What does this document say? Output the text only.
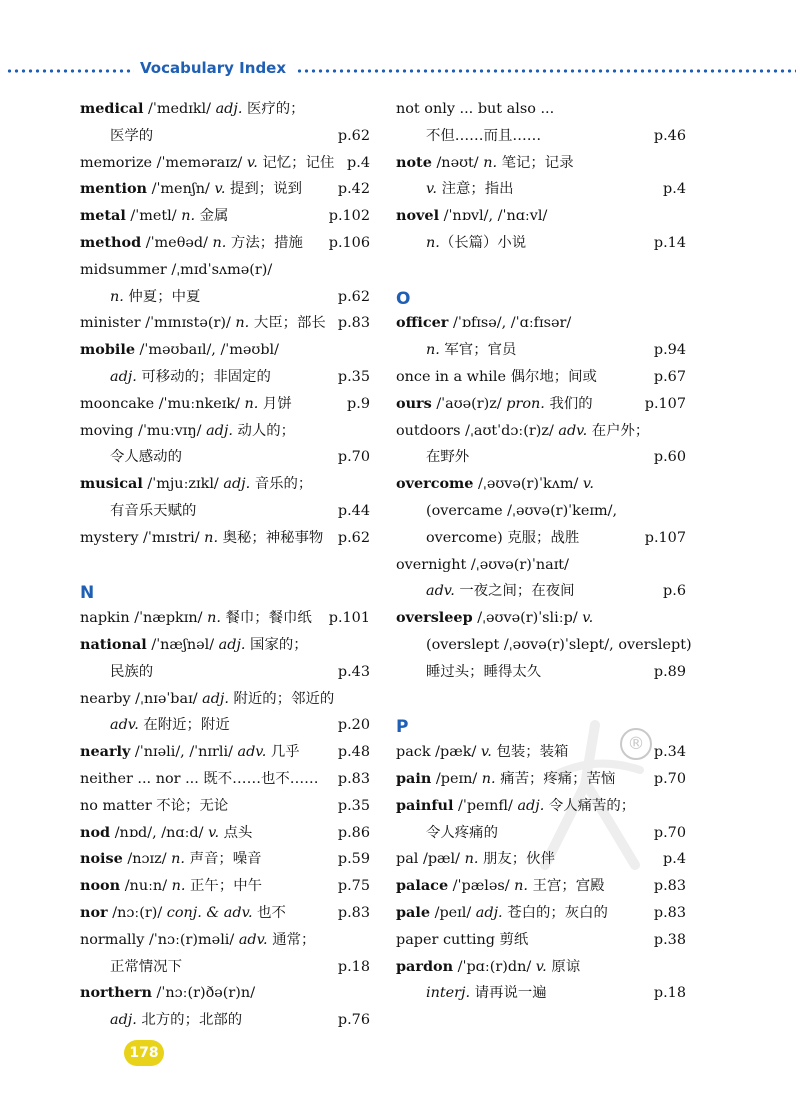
Vocabulary Index
medical /ˈmedɪkl/ adj. 医疗的；
医学的	p.62
memorize /ˈmeməraɪz/ v. 记忆；记住 p.4
mention /ˈmenʃn/ v. 提到；说到 p.42
metal /ˈmetl/ n. 金属	p.102
method /ˈmeθəd/ n. 方法；措施 p.106
midsummer /ˌmɪdˈsʌmə(r)/
n. 仲夏；中夏	p.62
minister /ˈmɪnɪstə(r)/ n. 大臣；部长 p.83
mobile /ˈməʊbaɪl/, /ˈməʊbl/
adj. 可移动的；非固定的	p.35
mooncake /ˈmuːnkeɪk/ n. 月饼	p.9
moving /ˈmuːvɪŋ/ adj. 动人的；
令人感动的	p.70
musical /ˈmjuːzɪkl/ adj. 音乐的；
有音乐天赋的	p.44
mystery /ˈmɪstri/ n. 奥秘；神秘事物 p.62
N
napkin /ˈnæpkɪn/ n. 餐巾；餐巾纸 p.101
national /ˈnæʃnəl/ adj. 国家的；
民族的	p.43
nearby /ˌnɪəˈbaɪ/ adj. 附近的；邻近的
adv. 在附近；附近	p.20
nearly /ˈnɪəli/, /ˈnɪrli/ adv. 几乎	p.48
neither ... nor ... 既不……也不…… p.83
no matter 不论；无论	p.35
nod /nɒd/, /nɑːd/ v. 点头	p.86
noise /nɔɪz/ n. 声音；噪音	p.59
noon /nuːn/ n. 正午；中午	p.75
nor /nɔː(r)/ conj. & adv. 也不	p.83
normally /ˈnɔː(r)məli/ adv. 通常；
正常情况下	p.18
northern /ˈnɔː(r)ðə(r)n/
adj. 北方的；北部的	p.76
not only ... but also ...
不但……而且……	p.46
note /nəʊt/ n. 笔记；记录
v. 注意；指出	p.4
novel /ˈnɒvl/, /ˈnɑːvl/
n.（长篇）小说	p.14
O
officer /ˈɒfɪsə/, /ˈɑːfɪsər/
n. 军官；官员	p.94
once in a while 偶尔地；间或	p.67
ours /ˈaʊə(r)z/ pron. 我们的	p.107
outdoors /ˌaʊtˈdɔː(r)z/ adv. 在户外；
在野外	p.60
overcome /ˌəʊvə(r)ˈkʌm/ v.
(overcame /ˌəʊvə(r)ˈkeɪm/,
overcome) 克服；战胜	p.107
overnight /ˌəʊvə(r)ˈnaɪt/
adv. 一夜之间；在夜间	p.6
oversleep /ˌəʊvə(r)ˈsliːp/ v.
(overslept /ˌəʊvə(r)ˈslept/, overslept)
睡过头；睡得太久	p.89
P
pack /pæk/ v. 包装；装箱	p.34
pain /peɪn/ n. 痛苦；疼痛；苦恼	p.70
painful /ˈpeɪnfl/ adj. 令人痛苦的；
令人疼痛的	p.70
pal /pæl/ n. 朋友；伙伴	p.4
palace /ˈpæləs/ n. 王宫；宫殿	p.83
pale /peɪl/ adj. 苍白的；灰白的	p.83
paper cutting 剪纸	p.38
pardon /ˈpɑː(r)dn/ v. 原谅
interj. 请再说一遍	p.18
®
178
